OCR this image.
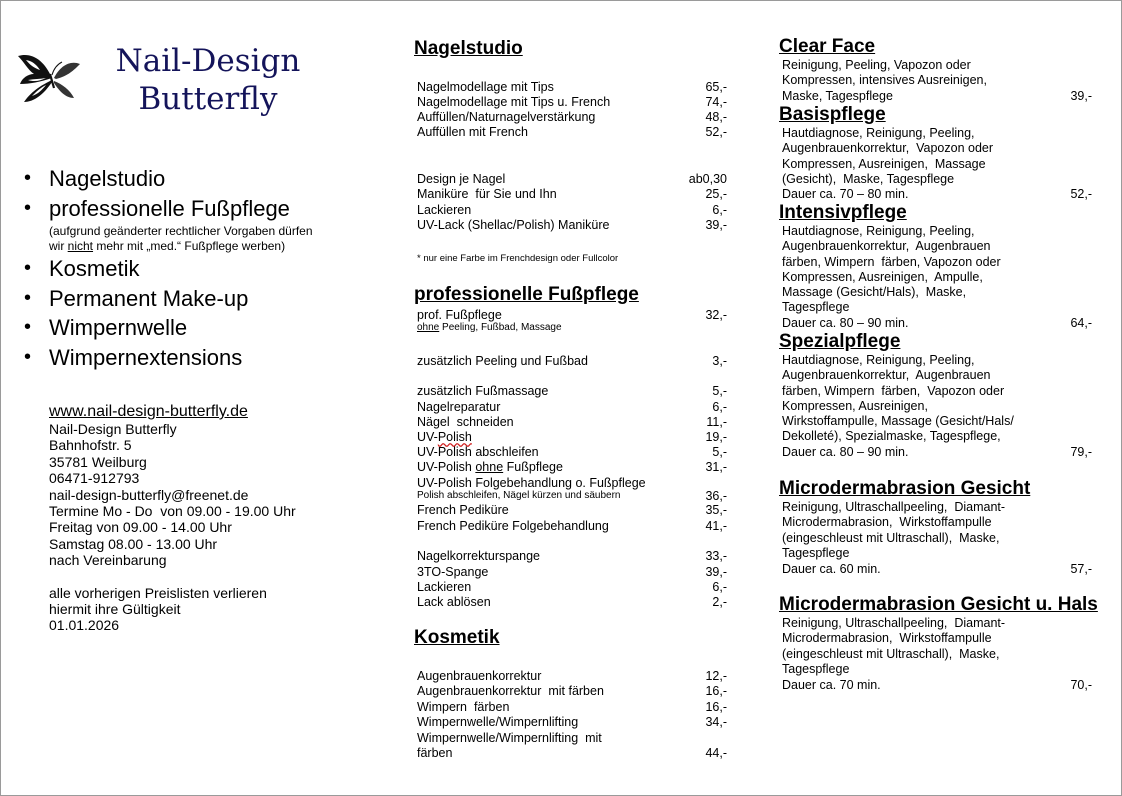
Nail-Design
Butterfly
• Nagelstudio
• professionelle Fußpflege
(aufgrund geänderter rechtlicher Vorgaben dürfen
wir nicht mehr mit „med.“ Fußpflege werben)
• Kosmetik
• Permanent Make-up
• Wimpernwelle
• Wimpernextensions
www.nail-design-butterfly.de
Nail-Design Butterfly
Bahnhofstr. 5
35781 Weilburg
06471-912793
nail-design-butterfly@freenet.de
Termine Mo - Do  von 09.00 - 19.00 Uhr
Freitag von 09.00 - 14.00 Uhr
Samstag 08.00 - 13.00 Uhr
nach Vereinbarung
alle vorherigen Preislisten verlieren
hiermit ihre Gültigkeit
01.01.2026
Nagelstudio
Nagelmodellage mit Tips	65,-
Nagelmodellage mit Tips u. French	74,-
Auffüllen/Naturnagelverstärkung	48,-
Auffüllen mit French	52,-
Design je Nagel	ab0,30
Maniküre  für Sie und Ihn	25,-
Lackieren	6,-
UV-Lack (Shellac/Polish) Maniküre	39,-
* nur eine Farbe im Frenchdesign oder Fullcolor
professionelle Fußpflege
prof. Fußpflege	32,-
ohne Peeling, Fußbad, Massage
zusätzlich Peeling und Fußbad	3,-
zusätzlich Fußmassage	5,-
Nagelreparatur	6,-
Nägel  schneiden	11,-
UV-Polish	19,-
UV-Polish abschleifen	5,-
UV-Polish ohne Fußpflege	31,-
UV-Polish Folgebehandlung o. Fußpflege
Polish abschleifen, Nägel kürzen und säubern	36,-
French Pediküre	35,-
French Pediküre Folgebehandlung	41,-
Nagelkorrekturspange	33,-
3TO-Spange	39,-
Lackieren	6,-
Lack ablösen	2,-
Kosmetik
Augenbrauenkorrektur	12,-
Augenbrauenkorrektur  mit färben	16,-
Wimpern  färben	16,-
Wimpernwelle/Wimpernlifting	34,-
Wimpernwelle/Wimpernlifting  mit
färben	44,-
Clear Face
Reinigung, Peeling, Vapozon oder
Kompressen, intensives Ausreinigen,
Maske, Tagespflege	39,-
Basispflege
Hautdiagnose, Reinigung, Peeling,
Augenbrauenkorrektur,  Vapozon oder
Kompressen, Ausreinigen,  Massage
(Gesicht),  Maske, Tagespflege
Dauer ca. 70 – 80 min.	52,-
Intensivpflege
Hautdiagnose, Reinigung, Peeling,
Augenbrauenkorrektur,  Augenbrauen
färben, Wimpern  färben, Vapozon oder
Kompressen, Ausreinigen,  Ampulle,
Massage (Gesicht/Hals),  Maske,
Tagespflege
Dauer ca. 80 – 90 min.	64,-
Spezialpflege
Hautdiagnose, Reinigung, Peeling,
Augenbrauenkorrektur,  Augenbrauen
färben, Wimpern  färben,  Vapozon oder
Kompressen, Ausreinigen,
Wirkstoffampulle, Massage (Gesicht/Hals/
Dekolleté), Spezialmaske, Tagespflege,
Dauer ca. 80 – 90 min.	79,-
Microdermabrasion Gesicht
Reinigung, Ultraschallpeeling,  Diamant-
Microdermabrasion,  Wirkstoffampulle
(eingeschleust mit Ultraschall),  Maske,
Tagespflege
Dauer ca. 60 min.	57,-
Microdermabrasion Gesicht u. Hals
Reinigung, Ultraschallpeeling,  Diamant-
Microdermabrasion,  Wirkstoffampulle
(eingeschleust mit Ultraschall),  Maske,
Tagespflege
Dauer ca. 70 min.	70,-
